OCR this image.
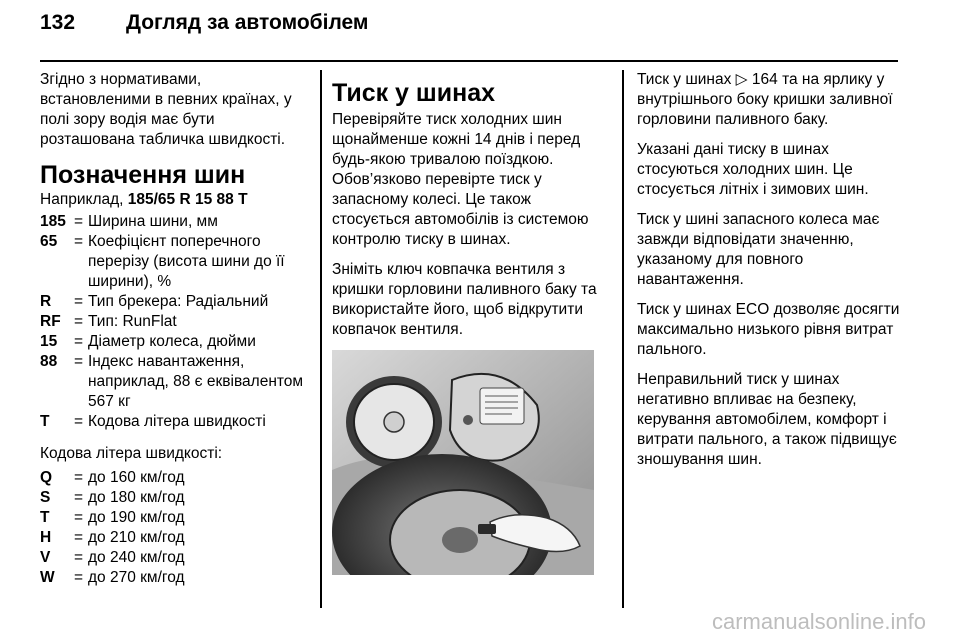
132	Догляд за автомобілем

Згідно з нормативами, встановленими в певних країнах, у полі зору водія має бути розташована табличка швидкості.

Позначення шин
Наприклад, 185/65 R 15 88 T
185 = Ширина шини, мм
65	= Коефіцієнт поперечного перерізу (висота шини до її ширини), %
R	= Тип брекера: Радіальний
RF = Тип: RunFlat
15	= Діаметр колеса, дюйми
88	= Індекс навантаження, наприклад, 88 є еквівалентом 567 кг
T	= Кодова літера швидкості

Кодова літера швидкості:

Q	= до 160 км/год
S	= до 180 км/год
T	= до 190 км/год
H	= до 210 км/год
V	= до 240 км/год
W	= до 270 км/год
Тиск у шинах

Перевіряйте тиск холодних шин щонайменше кожні 14 днів і перед будь-якою тривалою поїздкою. Обов’язково перевірте тиск у запасному колесі. Це також стосується автомобілів із системою контролю тиску в шинах.

Зніміть ключ ковпачка вентиля з кришки горловини паливного баку та використайте його, щоб відкрутити ковпачок вентиля.

Тиск у шинах ▷ 164 та на ярлику у внутрішнього боку кришки заливної горловини паливного баку.

Указані дані тиску в шинах стосуються холодних шин. Це стосується літніх і зимових шин.

Тиск у шині запасного колеса має завжди відповідати значенню, указаному для повного навантаження.

Тиск у шинах ECO дозволяє досягти максимально низького рівня витрат пального.

Неправильний тиск у шинах негативно впливає на безпеку, керування автомобілем, комфорт і витрати пального, а також підвищує зношування шин.

carmanualsonline.info
